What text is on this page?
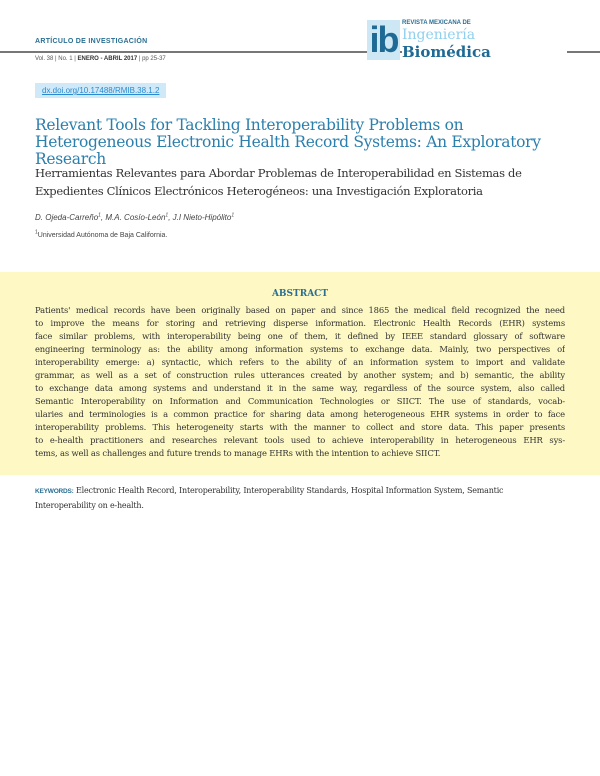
ARTÍCULO DE INVESTIGACIÓN
Vol. 38 | No. 1 | ENERO - ABRIL 2017 | pp 25-37	ib REVISTA MEXICANA DE
Ingeniería
Biomédica
dx.doi.org/10.17488/RMIB.38.1.2
Relevant Tools for Tackling Interoperability Problems on Heterogeneous Electronic Health Record Systems: An Exploratory Research
Herramientas Relevantes para Abordar Problemas de Interoperabilidad en Sistemas de Expedientes Clínicos Electrónicos Heterogéneos: una Investigación Exploratoria
D. Ojeda-Carreño$^1$, M.A. Cosío-León$^1$, J.I Nieto-Hipólito$^1$
$^1$Universidad Autónoma de Baja California.
ABSTRACT
Patients' medical records have been originally based on paper and since 1865 the medical field recognized the need
to improve the means for storing and retrieving disperse information. Electronic Health Records (EHR) systems
face similar problems, with interoperability being one of them, it defined by IEEE standard glossary of software
engineering terminology as: the ability among information systems to exchange data. Mainly, two perspectives of
interoperability emerge: a) syntactic, which refers to the ability of an information system to import and validate
grammar, as well as a set of construction rules utterances created by another system; and b) semantic, the ability
to exchange data among systems and understand it in the same way, regardless of the source system, also called
Semantic Interoperability on Information and Communication Technologies or SIICT. The use of standards, vocab-
ularies and terminologies is a common practice for sharing data among heterogeneous EHR systems in order to face
interoperability problems. This heterogeneity starts with the manner to collect and store data. This paper presents
to e-health practitioners and researches relevant tools used to achieve interoperability in heterogeneous EHR sys-
tems, as well as challenges and future trends to manage EHRs with the intention to achieve SIICT.
KEYWORDS: Electronic Health Record, Interoperability, Interoperability Standards, Hospital Information System, Semantic Interoperability on e-health.
